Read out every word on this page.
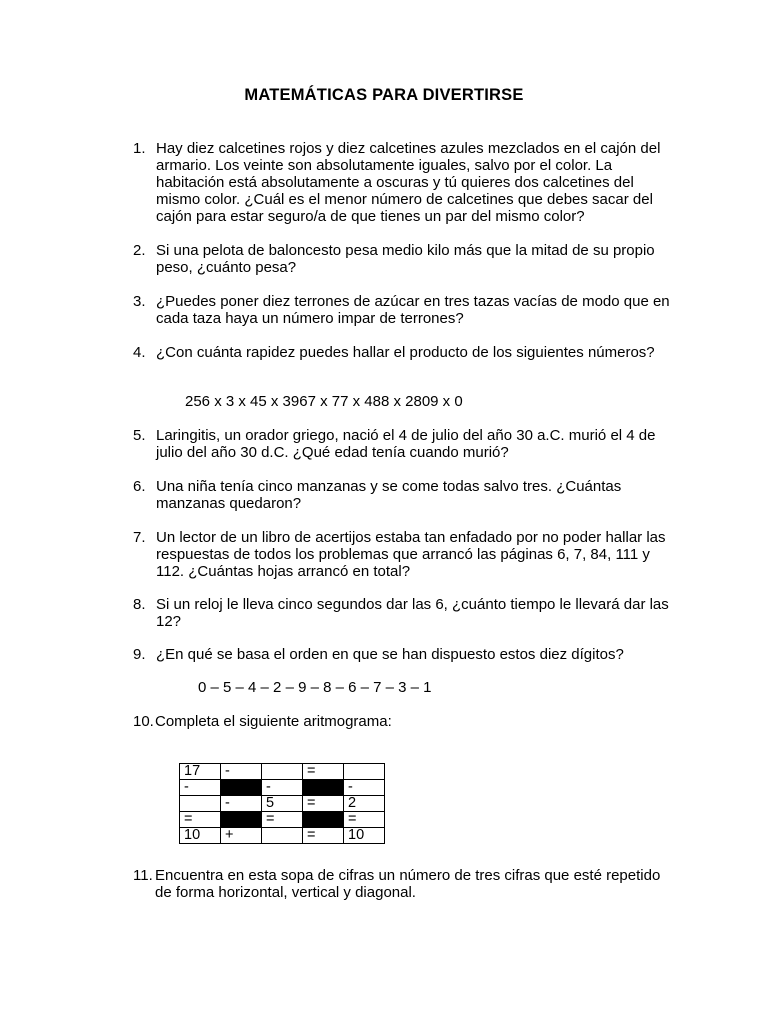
MATEMÁTICAS PARA DIVERTIRSE
1. Hay diez calcetines rojos y diez calcetines azules mezclados en el cajón del armario. Los veinte son absolutamente iguales, salvo por el color. La habitación está absolutamente a oscuras y tú quieres dos calcetines del mismo color. ¿Cuál es el menor número de calcetines que debes sacar del cajón para estar seguro/a de que tienes un par del mismo color?
2. Si una pelota de baloncesto pesa medio kilo más que la mitad de su propio peso, ¿cuánto pesa?
3. ¿Puedes poner diez terrones de azúcar en tres tazas vacías de modo que en cada taza haya un número impar de terrones?
4. ¿Con cuánta rapidez puedes hallar el producto de los siguientes números?
256 x 3 x 45 x 3967 x 77 x 488 x 2809 x 0
5. Laringitis, un orador griego, nació el 4 de julio del año 30 a.C. murió el 4 de julio del año 30 d.C. ¿Qué edad tenía cuando murió?
6. Una niña tenía cinco manzanas y se come todas salvo tres. ¿Cuántas manzanas quedaron?
7. Un lector de un libro de acertijos estaba tan enfadado por no poder hallar las respuestas de todos los problemas que arrancó las páginas 6, 7, 84, 111 y 112. ¿Cuántas hojas arrancó en total?
8. Si un reloj le lleva cinco segundos dar las 6, ¿cuánto tiempo le llevará dar las 12?
9. ¿En qué se basa el orden en que se han dispuesto estos diez dígitos?
0 – 5 – 4 – 2 – 9 – 8 – 6 – 7 – 3 – 1
10. Completa el siguiente aritmograma:
17	-		=	
-	■	-	■	-
	-	5	=	2
=	■	=	■	=
10	+		=	10
11. Encuentra en esta sopa de cifras un número de tres cifras que esté repetido de forma horizontal, vertical y diagonal.
